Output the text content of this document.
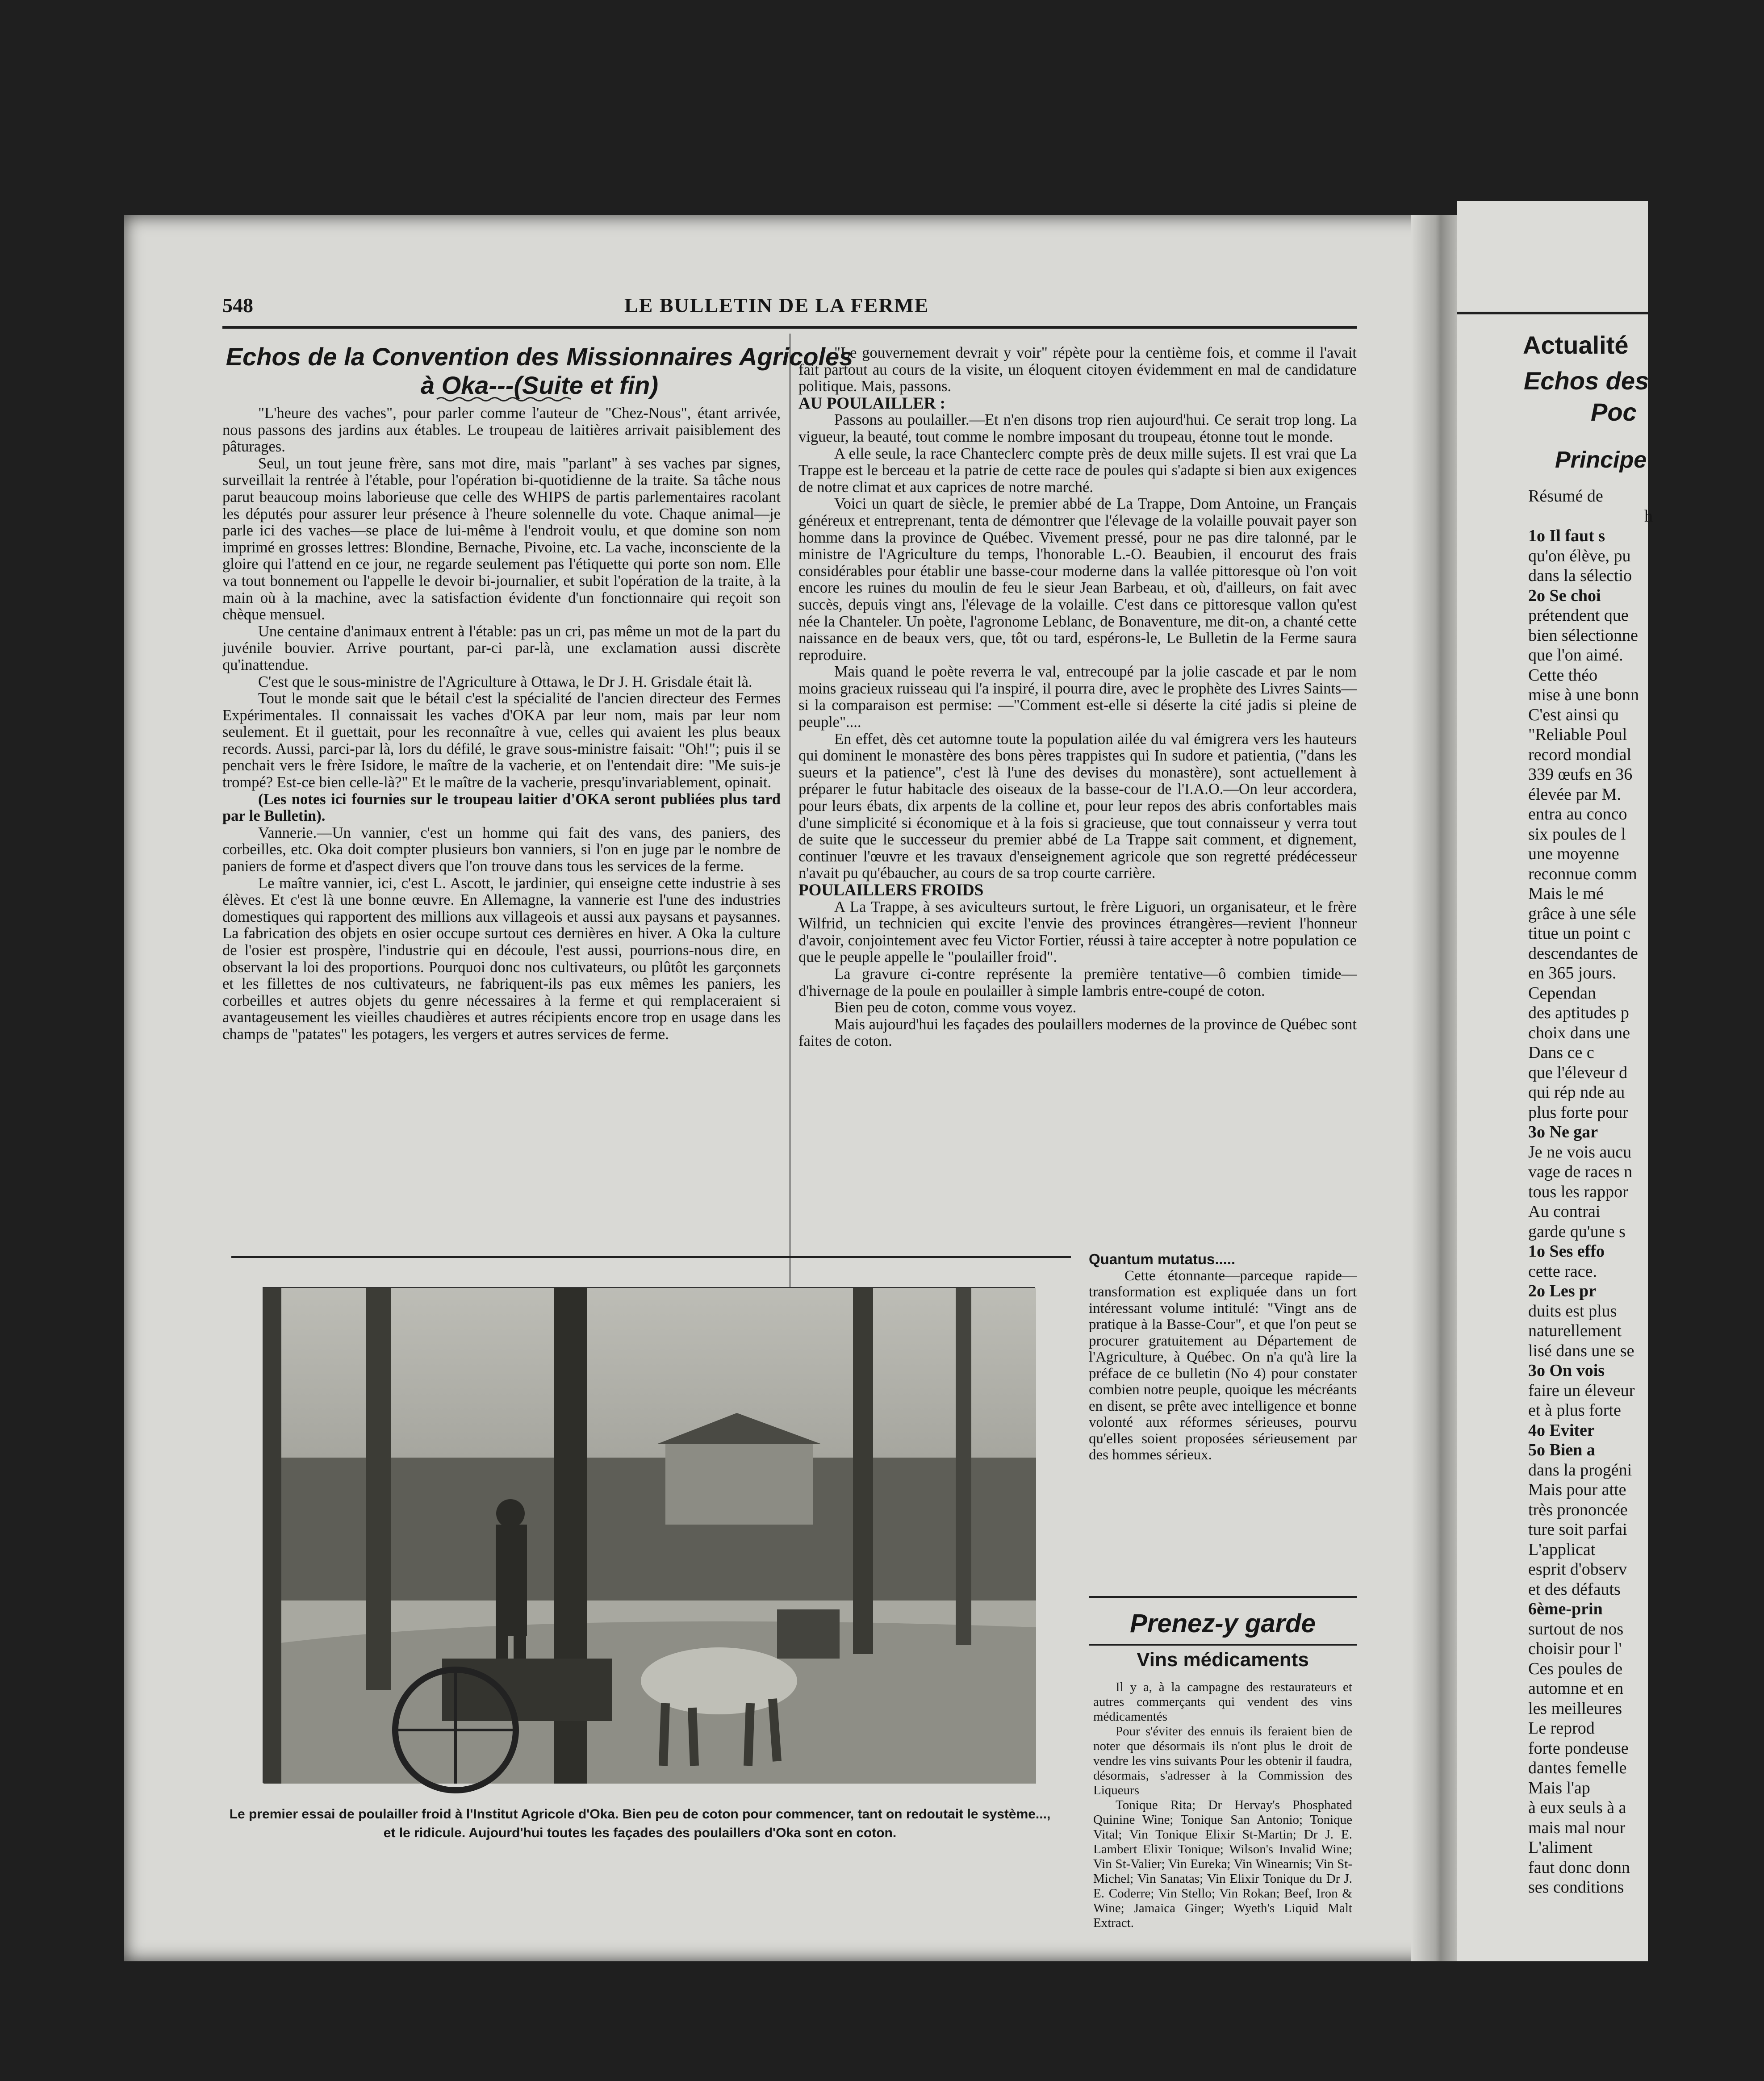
548	LE BULLETIN DE LA FERME
Echos de la Convention des Missionnaires Agricoles à Oka---(Suite et fin)

"L'heure des vaches", pour parler comme l'auteur de "Chez-Nous", étant arrivée, nous passons des jardins aux étables. Le troupeau de laitières arrivait paisiblement des pâturages.

Seul, un tout jeune frère, sans mot dire, mais "parlant" à ses vaches par signes, surveillait la rentrée à l'étable, pour l'opération bi-quotidienne de la traite. Sa tâche nous parut beaucoup moins laborieuse que celle des WHIPS de partis parlementaires racolant les députés pour assurer leur présence à l'heure solennelle du vote. Chaque animal—je parle ici des vaches—se place de lui-même à l'endroit voulu, et que domine son nom imprimé en grosses lettres: Blondine, Bernache, Pivoine, etc. La vache, inconsciente de la gloire qui l'attend en ce jour, ne regarde seulement pas l'étiquette qui porte son nom. Elle va tout bonnement ou l'appelle le devoir bi-journalier, et subit l'opération de la traite, à la main où à la machine, avec la satisfaction évidente d'un fonctionnaire qui reçoit son chèque mensuel.

Une centaine d'animaux entrent à l'étable: pas un cri, pas même un mot de la part du juvénile bouvier. Arrive pourtant, par-ci par-là, une exclamation aussi discrète qu'inattendue.

C'est que le sous-ministre de l'Agriculture à Ottawa, le Dr J. H. Grisdale était là.

Tout le monde sait que le bétail c'est la spécialité de l'ancien directeur des Fermes Expérimentales. Il connaissait les vaches d'OKA par leur nom, mais par leur nom seulement. Et il guettait, pour les reconnaître à vue, celles qui avaient les plus beaux records. Aussi, parci-par là, lors du défilé, le grave sous-ministre faisait: "Oh!"; puis il se penchait vers le frère Isidore, le maître de la vacherie, et on l'entendait dire: "Me suis-je trompé? Est-ce bien celle-là?" Et le maître de la vacherie, presqu'invariablement, opinait.

(Les notes ici fournies sur le troupeau laitier d'OKA seront publiées plus tard par le Bulletin).

Vannerie.—Un vannier, c'est un homme qui fait des vans, des paniers, des corbeilles, etc. Oka doit compter plusieurs bon vanniers, si l'on en juge par le nombre de paniers de forme et d'aspect divers que l'on trouve dans tous les services de la ferme.

Le maître vannier, ici, c'est L. Ascott, le jardinier, qui enseigne cette industrie à ses élèves. Et c'est là une bonne œuvre. En Allemagne, la vannerie est l'une des industries domestiques qui rapportent des millions aux villageois et aussi aux paysans et paysannes. La fabrication des objets en osier occupe surtout ces dernières en hiver. A Oka la culture de l'osier est prospère, l'industrie qui en découle, l'est aussi, pourrions-nous dire, en observant la loi des proportions. Pourquoi donc nos cultivateurs, ou plûtôt les garçonnets et les fillettes de nos cultivateurs, ne fabriquent-ils pas eux mêmes les paniers, les corbeilles et autres objets du genre nécessaires à la ferme et qui remplaceraient si avantageusement les vieilles chaudières et autres récipients encore trop en usage dans les champs de "patates" les potagers, les vergers et autres services de ferme.

"Le gouvernement devrait y voir" répète pour la centième fois, et comme il l'avait fait partout au cours de la visite, un éloquent citoyen évidemment en mal de candidature politique. Mais, passons.

AU POULAILLER :

Passons au poulailler.—Et n'en disons trop rien aujourd'hui. Ce serait trop long. La vigueur, la beauté, tout comme le nombre imposant du troupeau, étonne tout le monde.

A elle seule, la race Chanteclerc compte près de deux mille sujets. Il est vrai que La Trappe est le berceau et la patrie de cette race de poules qui s'adapte si bien aux exigences de notre climat et aux caprices de notre marché.

Voici un quart de siècle, le premier abbé de La Trappe, Dom Antoine, un Français généreux et entreprenant, tenta de démontrer que l'élevage de la volaille pouvait payer son homme dans la province de Québec. Vivement pressé, pour ne pas dire talonné, par le ministre de l'Agriculture du temps, l'honorable L.-O. Beaubien, il encourut des frais considérables pour établir une basse-cour moderne dans la vallée pittoresque où l'on voit encore les ruines du moulin de feu le sieur Jean Barbeau, et où, d'ailleurs, on fait avec succès, depuis vingt ans, l'élevage de la volaille. C'est dans ce pittoresque vallon qu'est née la Chanteler. Un poète, l'agronome Leblanc, de Bonaventure, me dit-on, a chanté cette naissance en de beaux vers, que, tôt ou tard, espérons-le, Le Bulletin de la Ferme saura reproduire.

Mais quand le poète reverra le val, entrecoupé par la jolie cascade et par le nom moins gracieux ruisseau qui l'a inspiré, il pourra dire, avec le prophète des Livres Saints—si la comparaison est permise: —"Comment est-elle si déserte la cité jadis si pleine de peuple"....

En effet, dès cet automne toute la population ailée du val émigrera vers les hauteurs qui dominent le monastère des bons pères trappistes qui In sudore et patientia, ("dans les sueurs et la patience", c'est là l'une des devises du monastère), sont actuellement à préparer le futur habitacle des oiseaux de la basse-cour de l'I.A.O.—On leur accordera, pour leurs ébats, dix arpents de la colline et, pour leur repos des abris confortables mais d'une simplicité si économique et à la fois si gracieuse, que tout connaisseur y verra tout de suite que le successeur du premier abbé de La Trappe sait comment, et dignement, continuer l'œuvre et les travaux d'enseignement agricole que son regretté prédécesseur n'avait pu qu'ébaucher, au cours de sa trop courte carrière.

POULAILLERS FROIDS

A La Trappe, à ses aviculteurs surtout, le frère Liguori, un organisateur, et le frère Wilfrid, un technicien qui excite l'envie des provinces étrangères—revient l'honneur d'avoir, conjointement avec feu Victor Fortier, réussi à taire accepter à notre population ce que le peuple appelle le "poulailler froid".

La gravure ci-contre représente la première tentative—ô combien timide—d'hivernage de la poule en poulailler à simple lambris entre-coupé de coton.

Bien peu de coton, comme vous voyez.

Mais aujourd'hui les façades des poulaillers modernes de la province de Québec sont faites de coton.

Quantum mutatus.....

Cette étonnante—parceque rapide—transformation est expliquée dans un fort intéressant volume intitulé: "Vingt ans de pratique à la Basse-Cour", et que l'on peut se procurer gratuitement au Département de l'Agriculture, à Québec. On n'a qu'à lire la préface de ce bulletin (No 4) pour constater combien notre peuple, quoique les mécréants en disent, se prête avec intelligence et bonne volonté aux réformes sérieuses, pourvu qu'elles soient proposées sérieusement par des hommes sérieux.

Prenez-y garde
Vins médicaments

Il y a, à la campagne des restaurateurs et autres commerçants qui vendent des vins médicamentés

Pour s'éviter des ennuis ils feraient bien de noter que désormais ils n'ont plus le droit de vendre les vins suivants Pour les obtenir il faudra, désormais, s'adresser à la Commission des Liqueurs

Tonique Rita; Dr Hervay's Phosphated Quinine Wine; Tonique San Antonio; Tonique Vital; Vin Tonique Elixir St-Martin; Dr J. E. Lambert Elixir Tonique; Wilson's Invalid Wine; Vin St-Valier; Vin Eureka; Vin Winearnis; Vin St-Michel; Vin Sanatas; Vin Elixir Tonique du Dr J. E. Coderre; Vin Stello; Vin Rokan; Beef, Iron & Wine; Jamaica Ginger; Wyeth's Liquid Malt Extract.

Le premier essai de poulailler froid à l'Institut Agricole d'Oka. Bien peu de coton pour commencer, tant on redoutait le système..., et le ridicule. Aujourd'hui toutes les façades des poulaillers d'Oka sont en coton.
Actualité
Echos des
Poc
Principe
Résumé de
h
1o Il faut s
qu'on élève, pu
dans la sélectio
2o Se choi
prétendent que
bien sélectionne
que l'on aimé.
Cette théo
mise à une bonn
C'est ainsi qu
"Reliable Poul
record mondial
339 œufs en 36
élevée par M.
entra au conco
six poules de l
une moyenne
reconnue comm
Mais le mé
grâce à une séle
titue un point c
descendantes de
en 365 jours.
Cependan
des aptitudes p
choix dans une
Dans ce c
que l'éleveur d
qui rép nde au
plus forte pour
3o Ne gar
Je ne vois aucu
vage de races n
tous les rappor
Au contrai
garde qu'une s
1o Ses effo
cette race.
2o Les pr
duits est plus
naturellement
lisé dans une se
3o On vois
faire un éleveur
et à plus forte
4o Eviter
5o Bien a
dans la progéni
Mais pour atte
très prononcée
ture soit parfai
L'applicat
esprit d'observ
et des défauts
6ème-prin
surtout de nos
choisir pour l'
Ces poules de
automne et en
les meilleures
Le reprod
forte pondeuse
dantes femelle
Mais l'ap
à eux seuls à a
mais mal nour
L'aliment
faut donc donn
ses conditions
